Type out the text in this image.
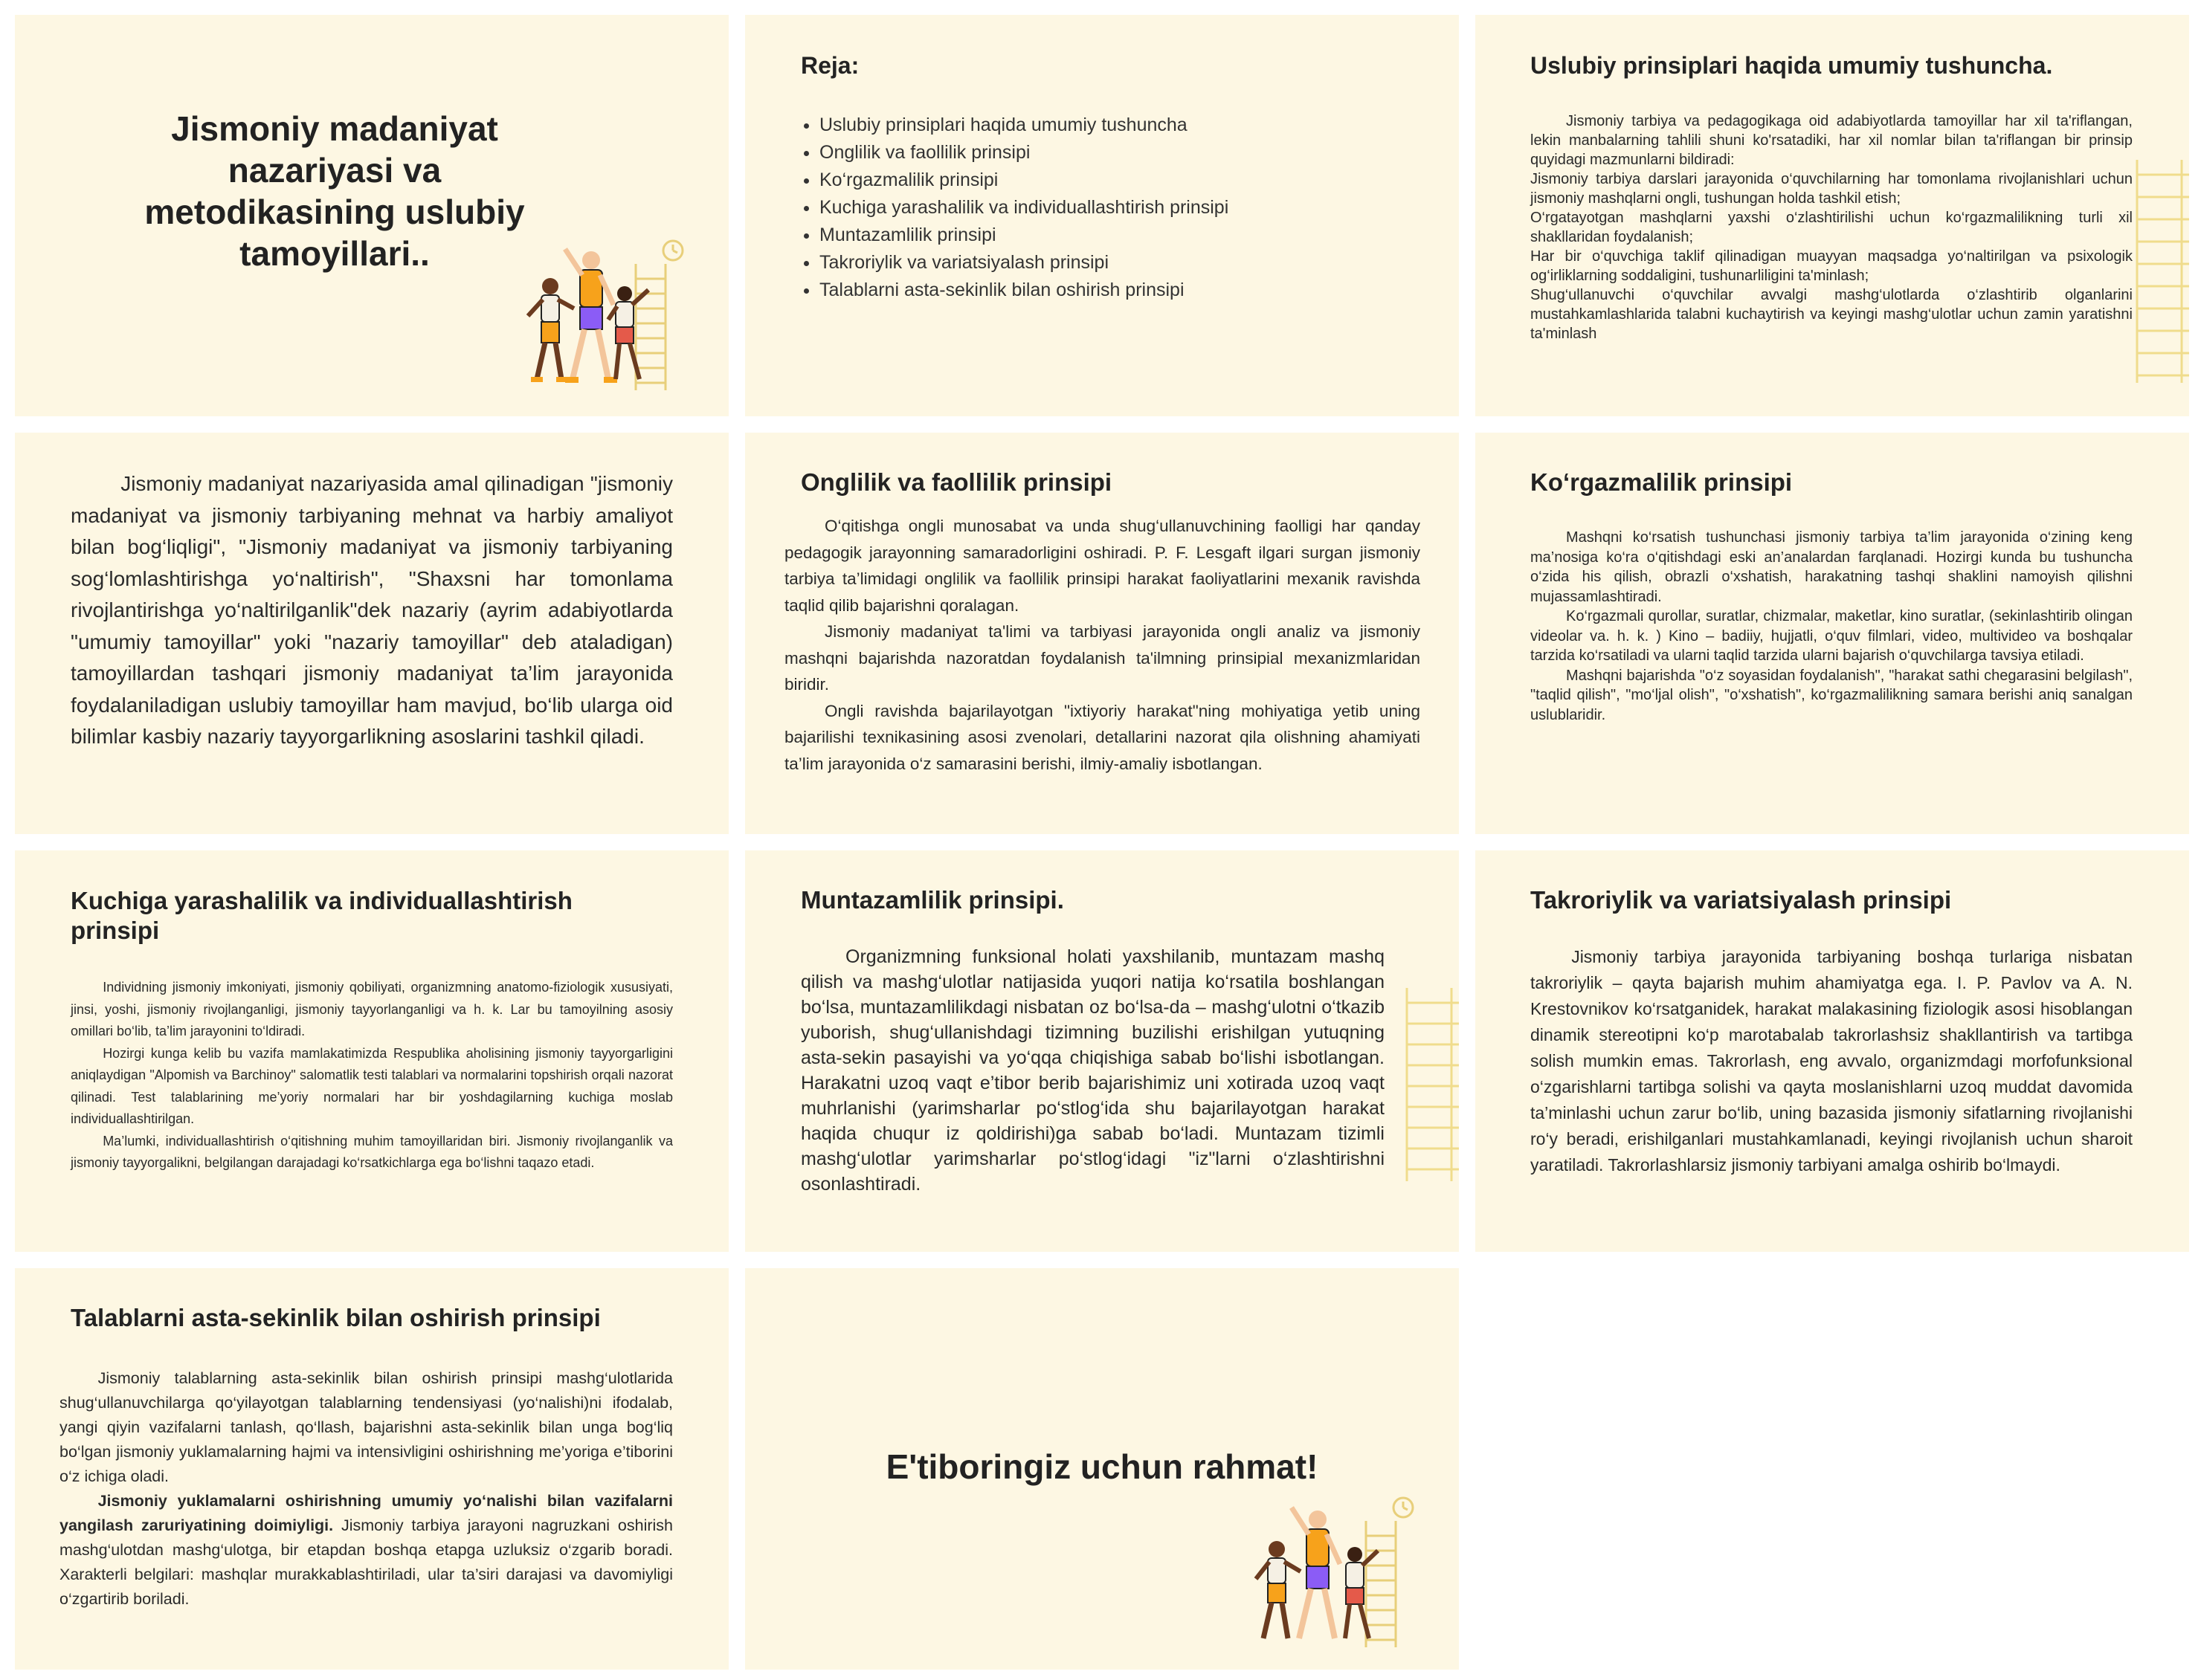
Jismoniy madaniyat nazariyasi va metodikasining uslubiy tamoyillari..
Reja:
• Uslubiy prinsiplari haqida umumiy tushuncha
• Onglilik va faollilik prinsipi
• Ko‘rgazmalilik prinsipi
• Kuchiga yarashalilik va individuallashtirish prinsipi
• Muntazamlilik prinsipi
• Takroriylik va variatsiyalash prinsipi
• Talablarni asta-sekinlik bilan oshirish prinsipi
Uslubiy prinsiplari haqida umumiy tushuncha.

Jismoniy tarbiya va pedagogikaga oid adabiyotlarda tamoyillar har xil ta'riflangan, lekin manbalarning tahlili shuni ko'rsatadiki, har xil nomlar bilan ta'riflangan bir prinsip quyidagi mazmunlarni bildiradi:

Jismoniy tarbiya darslari jarayonida o‘quvchilarning har tomonlama rivojlanishlari uchun jismoniy mashqlarni ongli, tushungan holda tashkil etish;

O‘rgatayotgan mashqlarni yaxshi o‘zlashtirilishi uchun ko‘rgazmalilikning turli xil shakllaridan foydalanish;

Har bir o‘quvchiga taklif qilinadigan muayyan maqsadga yo‘naltirilgan va psixologik og‘irliklarning soddaligini, tushunarliligini ta'minlash;

Shug‘ullanuvchi o‘quvchilar avvalgi mashg‘ulotlarda o‘zlashtirib olganlarini mustahkamlashlarida talabni kuchaytirish va keyingi mashg‘ulotlar uchun zamin yaratishni ta'minlash

Jismoniy madaniyat nazariyasida amal qilinadigan "jismoniy madaniyat va jismoniy tarbiyaning mehnat va harbiy amaliyot bilan bog‘liqligi", "Jismoniy madaniyat va jismoniy tarbiyaning sog‘lomlashtirishga yo‘naltirish", "Shaxsni har tomonlama rivojlantirishga yo‘naltirilganlik"dek nazariy (ayrim adabiyotlarda "umumiy tamoyillar" yoki "nazariy tamoyillar" deb ataladigan) tamoyillardan tashqari jismoniy madaniyat ta’lim jarayonida foydalaniladigan uslubiy tamoyillar ham mavjud, bo‘lib ularga oid bilimlar kasbiy nazariy tayyorgarlikning asoslarini tashkil qiladi.

Onglilik va faollilik prinsipi

O‘qitishga ongli munosabat va unda shug‘ullanuvchining faolligi har qanday pedagogik jarayonning samaradorligini oshiradi. P. F. Lesgaft ilgari surgan jismoniy tarbiya ta’limidagi onglilik va faollilik prinsipi harakat faoliyatlarini mexanik ravishda taqlid qilib bajarishni qoralagan.

Jismoniy madaniyat ta'limi va tarbiyasi jarayonida ongli analiz va jismoniy mashqni bajarishda nazoratdan foydalanish ta'ilmning prinsipial mexanizmlaridan biridir.

Ongli ravishda bajarilayotgan "ixtiyoriy harakat"ning mohiyatiga yetib uning bajarilishi texnikasining asosi zvenolari, detallarini nazorat qila olishning ahamiyati ta’lim jarayonida o‘z samarasini berishi, ilmiy-amaliy isbotlangan.

Ko‘rgazmalilik prinsipi

Mashqni ko‘rsatish tushunchasi jismoniy tarbiya ta’lim jarayonida o‘zining keng ma’nosiga ko‘ra o‘qitishdagi eski an’analardan farqlanadi. Hozirgi kunda bu tushuncha o‘zida his qilish, obrazli o‘xshatish, harakatning tashqi shaklini namoyish qilishni mujassamlashtiradi.

Ko‘rgazmali qurollar, suratlar, chizmalar, maketlar, kino suratlar, (sekinlashtirib olingan videolar va. h. k. ) Kino – badiiy, hujjatli, o‘quv filmlari, video, multivideo va boshqalar tarzida ko‘rsatiladi va ularni taqlid tarzida ularni bajarish o‘quvchilarga tavsiya etiladi.

Mashqni bajarishda "o‘z soyasidan foydalanish", "harakat sathi chegarasini belgilash", "taqlid qilish", "mo‘ljal olish", "o‘xshatish", ko‘rgazmalilikning samara berishi aniq sanalgan uslublaridir.

Kuchiga yarashalilik va individuallashtirish prinsipi

Individning jismoniy imkoniyati, jismoniy qobiliyati, organizmning anatomo-fiziologik xususiyati, jinsi, yoshi, jismoniy rivojlanganligi, jismoniy tayyorlanganligi va h. k. Lar bu tamoyilning asosiy omillari bo‘lib, ta’lim jarayonini to‘ldiradi.

Hozirgi kunga kelib bu vazifa mamlakatimizda Respublika aholisining jismoniy tayyorgarligini aniqlaydigan "Alpomish va Barchinoy" salomatlik testi talablari va normalarini topshirish orqali nazorat qilinadi. Test talablarining me’yoriy normalari har bir yoshdagilarning kuchiga moslab individuallashtirilgan.

Ma’lumki, individuallashtirish o‘qitishning muhim tamoyillaridan biri. Jismoniy rivojlanganlik va jismoniy tayyorgalikni, belgilangan darajadagi ko‘rsatkichlarga ega bo‘lishni taqazo etadi.

Muntazamlilik prinsipi.

Organizmning funksional holati yaxshilanib, muntazam mashq qilish va mashg‘ulotlar natijasida yuqori natija ko‘rsatila boshlangan bo‘lsa, muntazamlilikdagi nisbatan oz bo‘lsa-da – mashg‘ulotni o‘tkazib yuborish, shug‘ullanishdagi tizimning buzilishi erishilgan yutuqning asta-sekin pasayishi va yo‘qqa chiqishiga sabab bo‘lishi isbotlangan. Harakatni uzoq vaqt e’tibor berib bajarishimiz uni xotirada uzoq vaqt muhrlanishi (yarimsharlar po‘stlog‘ida shu bajarilayotgan harakat haqida chuqur iz qoldirishi)ga sabab bo‘ladi. Muntazam tizimli mashg‘ulotlar yarimsharlar po‘stlog‘idagi "iz"larni o‘zlashtirishni osonlashtiradi.

Takroriylik va variatsiyalash prinsipi

Jismoniy tarbiya jarayonida tarbiyaning boshqa turlariga nisbatan takroriylik – qayta bajarish muhim ahamiyatga ega. I. P. Pavlov va A. N. Krestovnikov ko‘rsatganidek, harakat malakasining fiziologik asosi hisoblangan dinamik stereotipni ko‘p marotabalab takrorlashsiz shakllantirish va tartibga solish mumkin emas. Takrorlash, eng avvalo, organizmdagi morfofunksional o‘zgarishlarni tartibga solishi va qayta moslanishlarni uzoq muddat davomida ta’minlashi uchun zarur bo‘lib, uning bazasida jismoniy sifatlarning rivojlanishi ro‘y beradi, erishilganlari mustahkamlanadi, keyingi rivojlanish uchun sharoit yaratiladi. Takrorlashlarsiz jismoniy tarbiyani amalga oshirib bo‘lmaydi.

Talablarni asta-sekinlik bilan oshirish prinsipi

Jismoniy talablarning asta-sekinlik bilan oshirish prinsipi mashg‘ulotlarida shug‘ullanuvchilarga qo‘yilayotgan talablarning tendensiyasi (yo‘nalishi)ni ifodalab, yangi qiyin vazifalarni tanlash, qo‘llash, bajarishni asta-sekinlik bilan unga bog‘liq bo‘lgan jismoniy yuklamalarning hajmi va intensivligini oshirishning me’yoriga e’tiborini o‘z ichiga oladi.

Jismoniy yuklamalarni oshirishning umumiy yo‘nalishi bilan vazifalarni yangilash zaruriyatining doimiyligi. Jismoniy tarbiya jarayoni nagruzkani oshirish mashg‘ulotdan mashg‘ulotga, bir etapdan boshqa etapga uzluksiz o‘zgarib boradi. Xarakterli belgilari: mashqlar murakkablashtiriladi, ular ta’siri darajasi va davomiyligi o‘zgartirib boriladi.

E'tiboringiz uchun rahmat!
